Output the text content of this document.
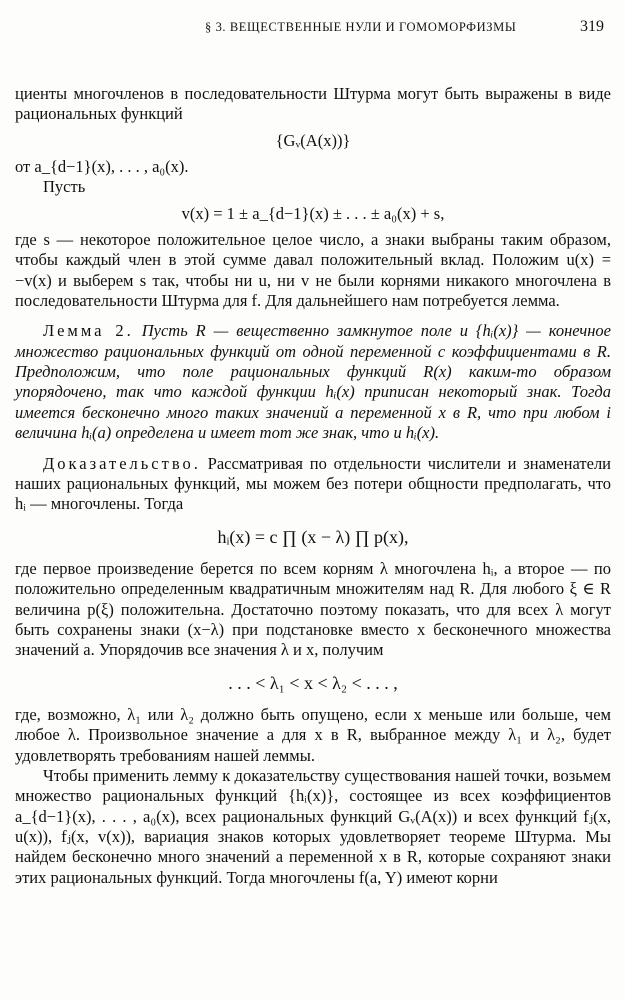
§ 3. ВЕЩЕСТВЕННЫЕ НУЛИ И ГОМОМОРФИЗМЫ	319

циенты многочленов в последовательности Штурма могут быть выражены в виде рациональных функций

{Gᵥ(A(x))}

от a_{d−1}(x), . . . , a₀(x).

Пусть

v(x) = 1 ± a_{d−1}(x) ± . . . ± a₀(x) + s,

где s — некоторое положительное целое число, а знаки выбраны таким образом, чтобы каждый член в этой сумме давал положительный вклад. Положим u(x) = −v(x) и выберем s так, чтобы ни u, ни v не были корнями никакого многочлена в последовательности Штурма для f. Для дальнейшего нам потребуется лемма.

Лемма 2. Пусть R — вещественно замкнутое поле и {hᵢ(x)} — конечное множество рациональных функций от одной переменной с коэффициентами в R. Предположим, что поле рациональных функций R(x) каким-то образом упорядочено, так что каждой функции hᵢ(x) приписан некоторый знак. Тогда имеется бесконечно много таких значений a переменной x в R, что при любом i величина hᵢ(a) определена и имеет тот же знак, что и hᵢ(x).

Доказательство. Рассматривая по отдельности числители и знаменатели наших рациональных функций, мы можем без потери общности предполагать, что hᵢ — многочлены. Тогда

hᵢ(x) = c ∏ (x − λ) ∏ p(x),

где первое произведение берется по всем корням λ многочлена hᵢ, а второе — по положительно определенным квадратичным множителям над R. Для любого ξ ∈ R величина p(ξ) положительна. Достаточно поэтому показать, что для всех λ могут быть сохранены знаки (x−λ) при подстановке вместо x бесконечного множества значений a. Упорядочив все значения λ и x, получим

. . . < λ₁ < x < λ₂ < . . . ,

где, возможно, λ₁ или λ₂ должно быть опущено, если x меньше или больше, чем любое λ. Произвольное значение a для x в R, выбранное между λ₁ и λ₂, будет удовлетворять требованиям нашей леммы.

Чтобы применить лемму к доказательству существования нашей точки, возьмем множество рациональных функций {hᵢ(x)}, состоящее из всех коэффициентов a_{d−1}(x), . . . , a₀(x), всех рациональных функций Gᵥ(A(x)) и всех функций fⱼ(x, u(x)), fⱼ(x, v(x)), вариация знаков которых удовлетворяет теореме Штурма. Мы найдем бесконечно много значений a переменной x в R, которые сохраняют знаки этих рациональных функций. Тогда многочлены f(a, Y) имеют корни
